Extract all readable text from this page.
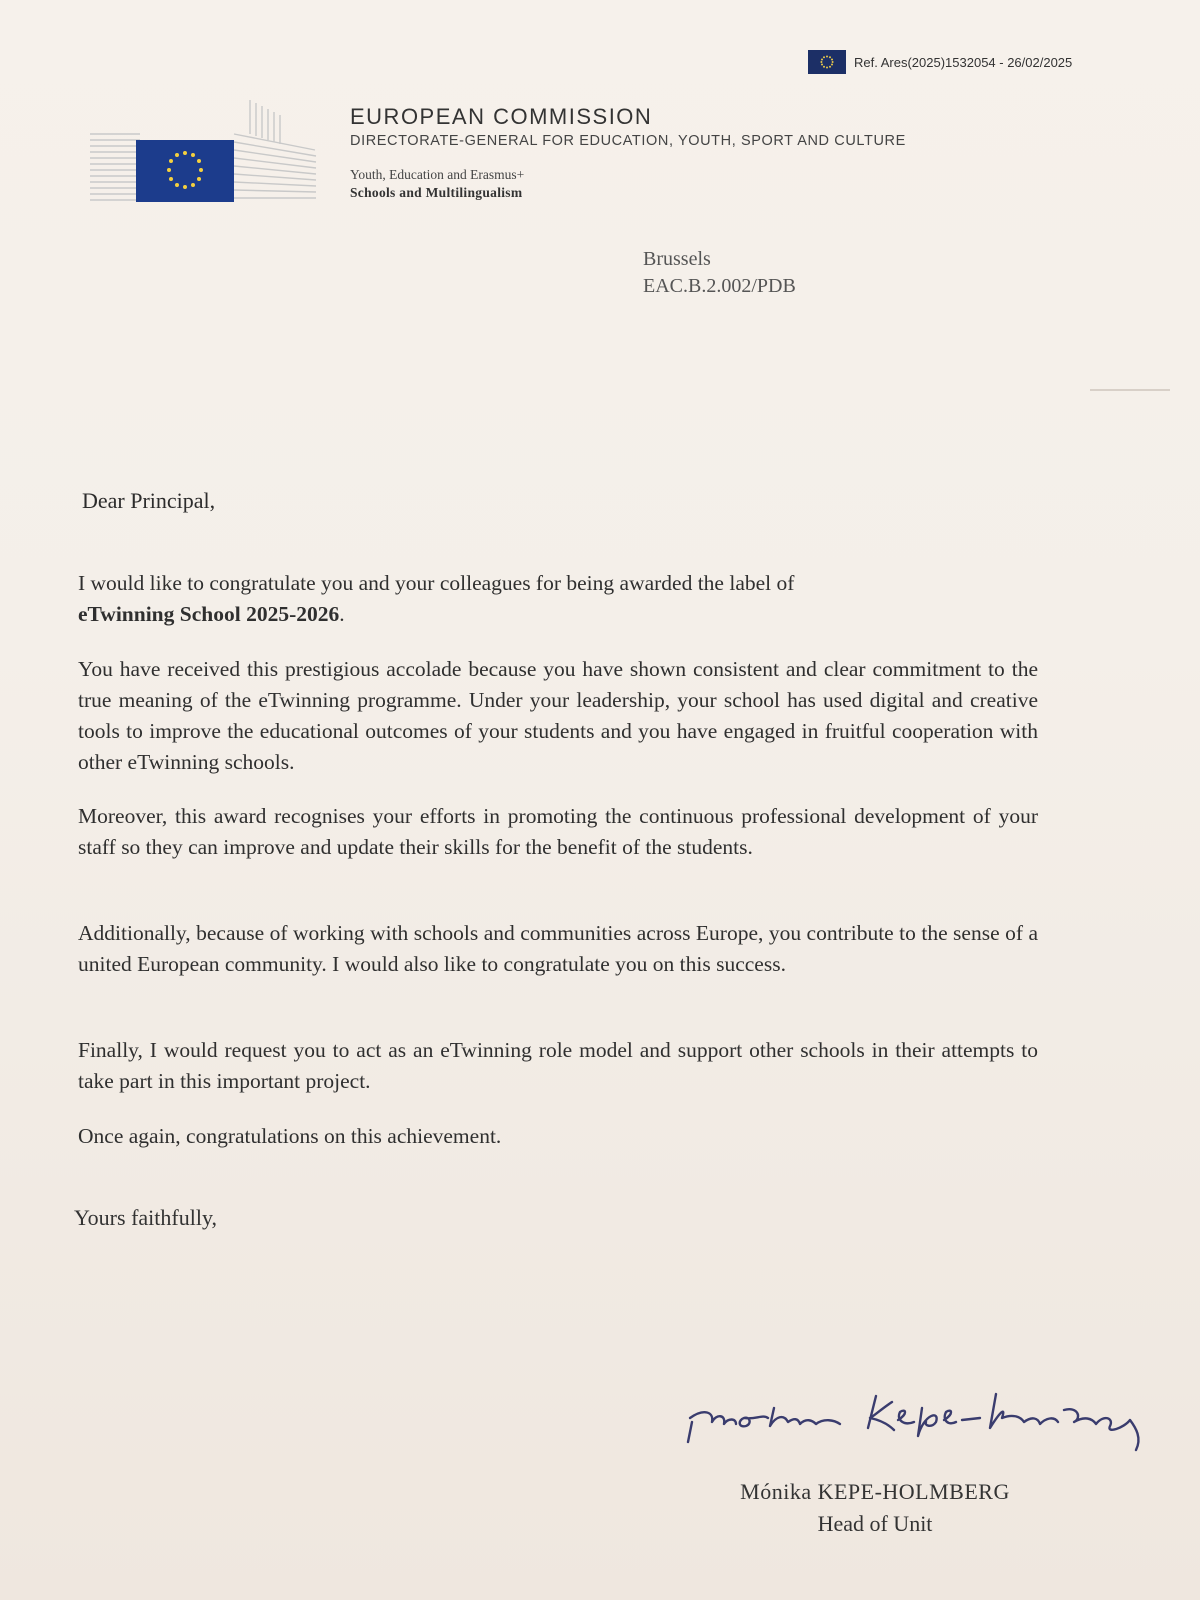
Ref. Ares(2025)1532054 - 26/02/2025
EUROPEAN COMMISSION
DIRECTORATE-GENERAL FOR EDUCATION, YOUTH, SPORT AND CULTURE
Youth, Education and Erasmus+
Schools and Multilingualism
Brussels
EAC.B.2.002/PDB
Dear Principal,
I would like to congratulate you and your colleagues for being awarded the label of
eTwinning School 2025-2026.
You have received this prestigious accolade because you have shown consistent and clear commitment to the true meaning of the eTwinning programme. Under your leadership, your school has used digital and creative tools to improve the educational outcomes of your students and you have engaged in fruitful cooperation with other eTwinning schools.
Moreover, this award recognises your efforts in promoting the continuous professional development of your staff so they can improve and update their skills for the benefit of the students.
Additionally, because of working with schools and communities across Europe, you contribute to the sense of a united European community. I would also like to congratulate you on this success.
Finally, I would request you to act as an eTwinning role model and support other schools in their attempts to take part in this important project.
Once again, congratulations on this achievement.
Yours faithfully,
Mónika KEPE-HOLMBERG
Head of Unit
